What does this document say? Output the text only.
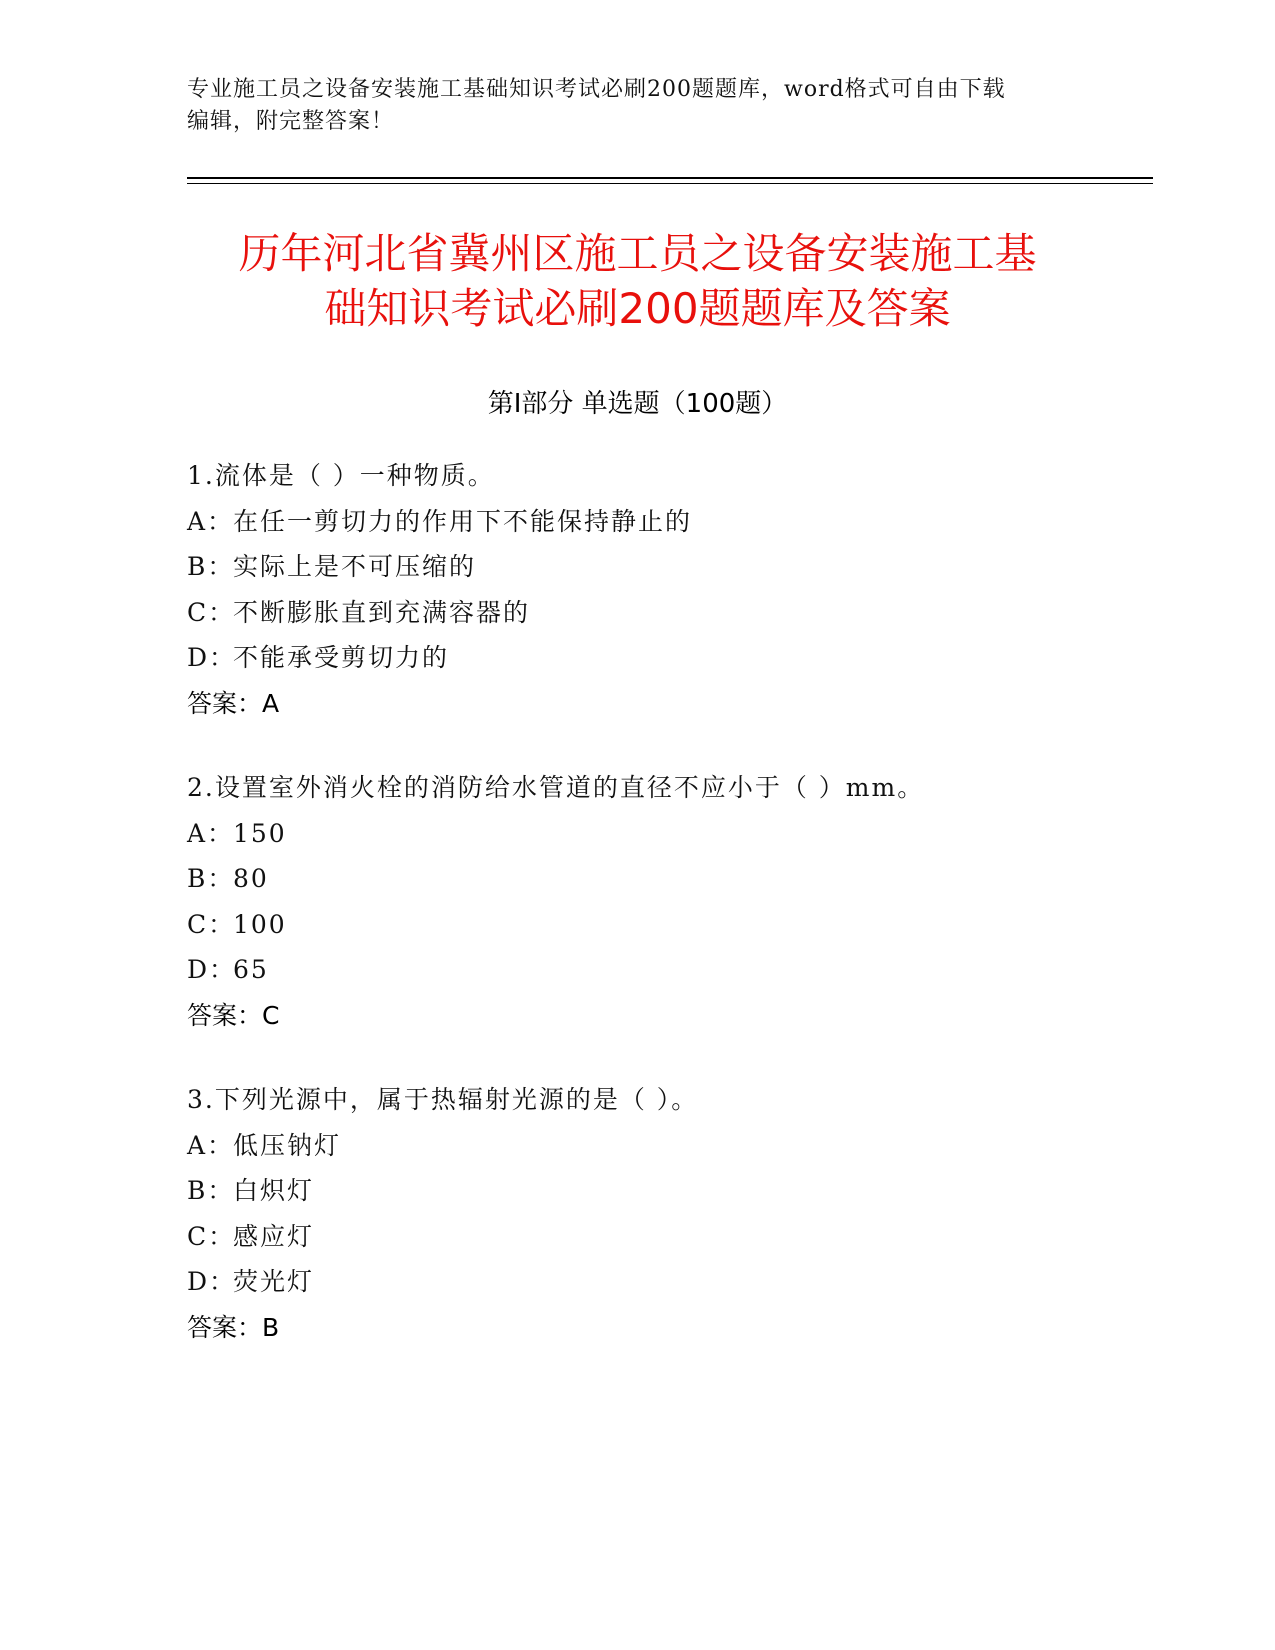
专业施工员之设备安装施工基础知识考试必刷200题题库，word格式可自由下载
编辑，附完整答案！
历年河北省冀州区施工员之设备安装施工基
础知识考试必刷200题题库及答案
第Ⅰ部分 单选题（100题）
1.流体是（ ）一种物质。
A：在任一剪切力的作用下不能保持静止的
B：实际上是不可压缩的
C：不断膨胀直到充满容器的
D：不能承受剪切力的
答案：A
2.设置室外消火栓的消防给水管道的直径不应小于（ ）mm。
A：150
B：80
C：100
D：65
答案：C
3.下列光源中，属于热辐射光源的是（ ）。
A：低压钠灯
B：白炽灯
C：感应灯
D：荧光灯
答案：B
